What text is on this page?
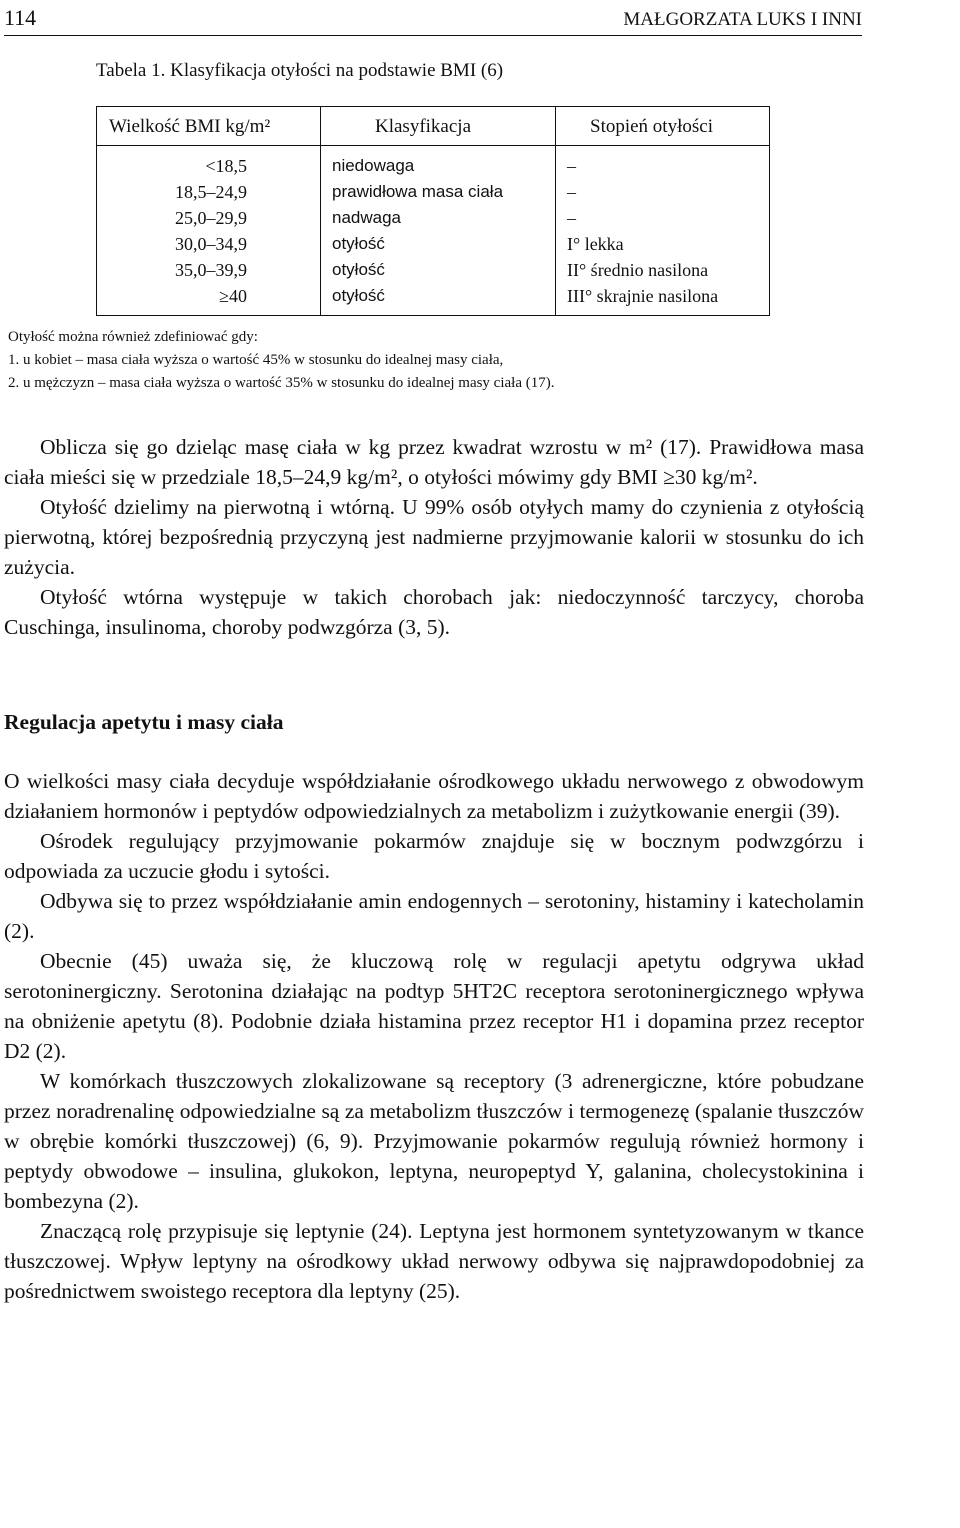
114	MAŁGORZATA LUKS I INNI
Tabela 1. Klasyfikacja otyłości na podstawie BMI (6)
Wielkość BMI kg/m²	Klasyfikacja	Stopień otyłości
<18,5	niedowaga	–
18,5–24,9	prawidłowa masa ciała	–
25,0–29,9	nadwaga	–
30,0–34,9	otyłość	I° lekka
35,0–39,9	otyłość	II° średnio nasilona
≥40	otyłość	III° skrajnie nasilona
Otyłość można również zdefiniować gdy:
1. u kobiet – masa ciała wyższa o wartość 45% w stosunku do idealnej masy ciała,
2. u mężczyzn – masa ciała wyższa o wartość 35% w stosunku do idealnej masy ciała (17).

Oblicza się go dzieląc masę ciała w kg przez kwadrat wzrostu w m² (17). Prawidłowa masa ciała mieści się w przedziale 18,5–24,9 kg/m², o otyłości mówimy gdy BMI ≥30 kg/m².

Otyłość dzielimy na pierwotną i wtórną. U 99% osób otyłych mamy do czynienia z otyłością pierwotną, której bezpośrednią przyczyną jest nadmierne przyjmowanie kalorii w stosunku do ich zużycia.

Otyłość wtórna występuje w takich chorobach jak: niedoczynność tarczycy, choroba Cuschinga, insulinoma, choroby podwzgórza (3, 5).

Regulacja apetytu i masy ciała

O wielkości masy ciała decyduje współdziałanie ośrodkowego układu nerwowego z obwodowym działaniem hormonów i peptydów odpowiedzialnych za metabolizm i zużytkowanie energii (39).

Ośrodek regulujący przyjmowanie pokarmów znajduje się w bocznym podwzgórzu i odpowiada za uczucie głodu i sytości.

Odbywa się to przez współdziałanie amin endogennych – serotoniny, histaminy i katecholamin (2).

Obecnie (45) uważa się, że kluczową rolę w regulacji apetytu odgrywa układ serotoninergiczny. Serotonina działając na podtyp 5HT2C receptora serotoninergicznego wpływa na obniżenie apetytu (8). Podobnie działa histamina przez receptor H1 i dopamina przez receptor D2 (2).

W komórkach tłuszczowych zlokalizowane są receptory (3 adrenergiczne, które pobudzane przez noradrenalinę odpowiedzialne są za metabolizm tłuszczów i termogenezę (spalanie tłuszczów w obrębie komórki tłuszczowej) (6, 9). Przyjmowanie pokarmów regulują również hormony i peptydy obwodowe – insulina, glukokon, leptyna, neuropeptyd Y, galanina, cholecystokinina i bombezyna (2).

Znaczącą rolę przypisuje się leptynie (24). Leptyna jest hormonem syntetyzowanym w tkance tłuszczowej. Wpływ leptyny na ośrodkowy układ nerwowy odbywa się najprawdopodobniej za pośrednictwem swoistego receptora dla leptyny (25).
